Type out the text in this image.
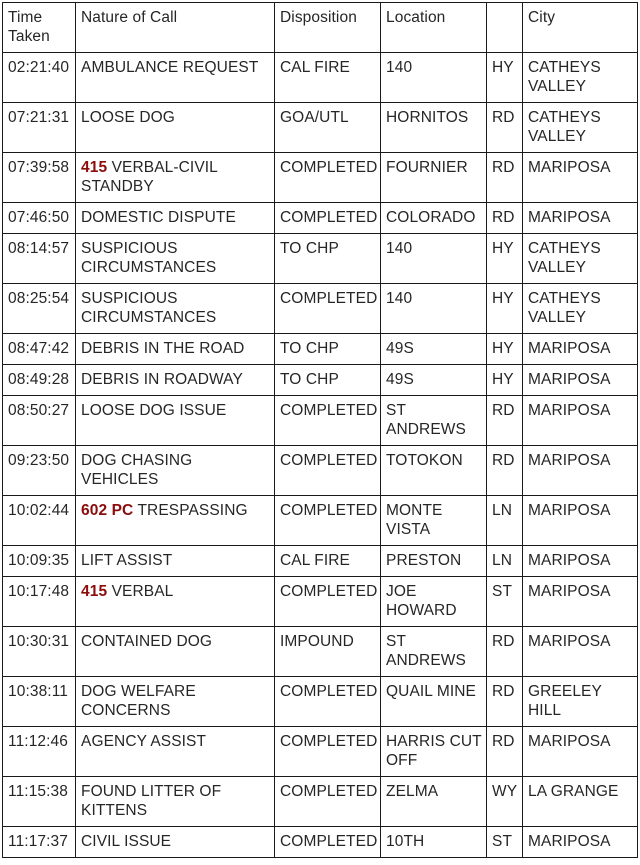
Time Taken	Nature of Call	Disposition	Location		City
02:21:40	AMBULANCE REQUEST	CAL FIRE	140	HY	CATHEYS VALLEY
07:21:31	LOOSE DOG	GOA/UTL	HORNITOS	RD	CATHEYS VALLEY
07:39:58	415 VERBAL-CIVIL STANDBY	COMPLETED	FOURNIER	RD	MARIPOSA
07:46:50	DOMESTIC DISPUTE	COMPLETED	COLORADO	RD	MARIPOSA
08:14:57	SUSPICIOUS CIRCUMSTANCES	TO CHP	140	HY	CATHEYS VALLEY
08:25:54	SUSPICIOUS CIRCUMSTANCES	COMPLETED	140	HY	CATHEYS VALLEY
08:47:42	DEBRIS IN THE ROAD	TO CHP	49S	HY	MARIPOSA
08:49:28	DEBRIS IN ROADWAY	TO CHP	49S	HY	MARIPOSA
08:50:27	LOOSE DOG ISSUE	COMPLETED	ST ANDREWS	RD	MARIPOSA
09:23:50	DOG CHASING VEHICLES	COMPLETED	TOTOKON	RD	MARIPOSA
10:02:44	602 PC TRESPASSING	COMPLETED	MONTE VISTA	LN	MARIPOSA
10:09:35	LIFT ASSIST	CAL FIRE	PRESTON	LN	MARIPOSA
10:17:48	415 VERBAL	COMPLETED	JOE HOWARD	ST	MARIPOSA
10:30:31	CONTAINED DOG	IMPOUND	ST ANDREWS	RD	MARIPOSA
10:38:11	DOG WELFARE CONCERNS	COMPLETED	QUAIL MINE	RD	GREELEY HILL
11:12:46	AGENCY ASSIST	COMPLETED	HARRIS CUT OFF	RD	MARIPOSA
11:15:38	FOUND LITTER OF KITTENS	COMPLETED	ZELMA	WY	LA GRANGE
11:17:37	CIVIL ISSUE	COMPLETED	10TH	ST	MARIPOSA
